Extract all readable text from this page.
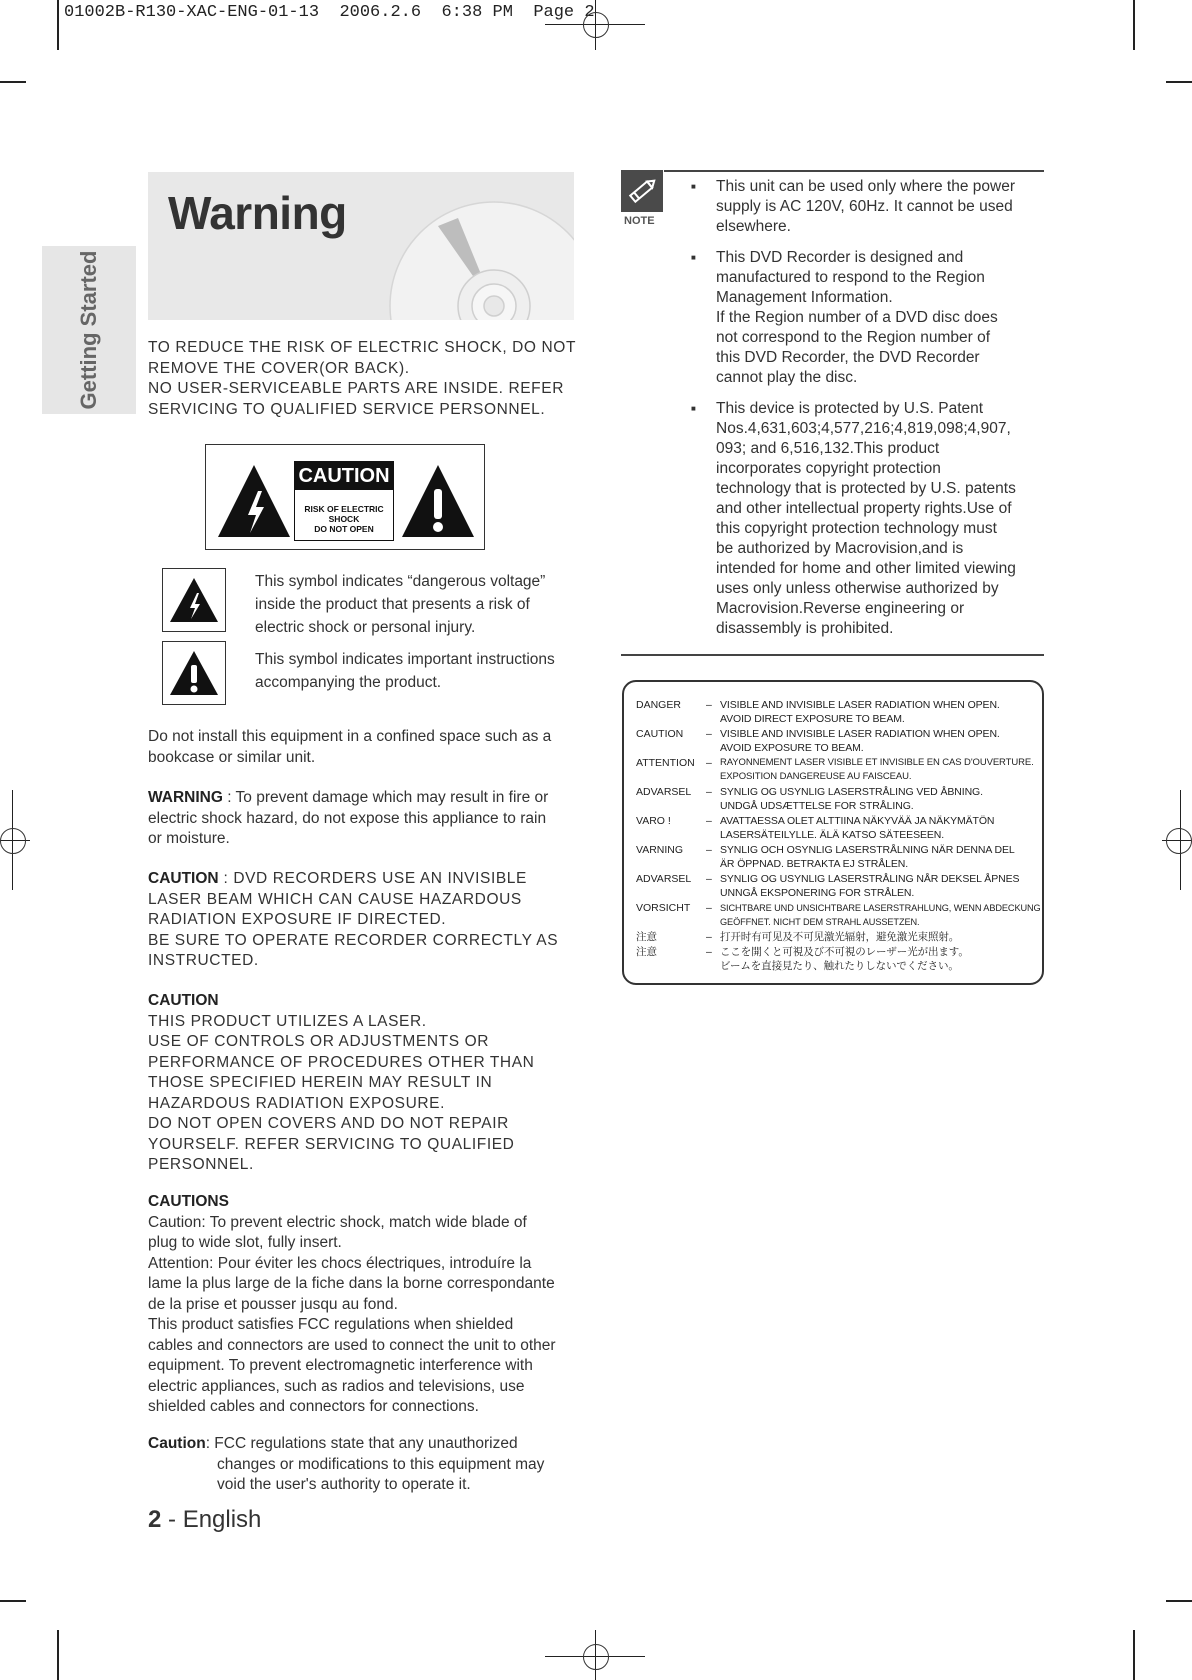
01002B-R130-XAC-ENG-01-13 2006.2.6 6:38 PM Page 2
Getting Started
Warning
TO REDUCE THE RISK OF ELECTRIC SHOCK, DO NOT
REMOVE THE COVER(OR BACK).
NO USER-SERVICEABLE PARTS ARE INSIDE. REFER
SERVICING TO QUALIFIED SERVICE PERSONNEL.
CAUTION
RISK OF ELECTRIC SHOCK
DO NOT OPEN
This symbol indicates “dangerous voltage”
inside the product that presents a risk of
electric shock or personal injury.
This symbol indicates important instructions
accompanying the product.
Do not install this equipment in a confined space such as a
bookcase or similar unit.
WARNING : To prevent damage which may result in fire or
electric shock hazard, do not expose this appliance to rain
or moisture.
CAUTION : DVD RECORDERS USE AN INVISIBLE
LASER BEAM WHICH CAN CAUSE HAZARDOUS
RADIATION EXPOSURE IF DIRECTED.
BE SURE TO OPERATE RECORDER CORRECTLY AS
INSTRUCTED.
CAUTION
THIS PRODUCT UTILIZES A LASER.
USE OF CONTROLS OR ADJUSTMENTS OR
PERFORMANCE OF PROCEDURES OTHER THAN
THOSE SPECIFIED HEREIN MAY RESULT IN
HAZARDOUS RADIATION EXPOSURE.
DO NOT OPEN COVERS AND DO NOT REPAIR
YOURSELF. REFER SERVICING TO QUALIFIED
PERSONNEL.
CAUTIONS
Caution: To prevent electric shock, match wide blade of
plug to wide slot, fully insert.
Attention: Pour éviter les chocs électriques, introduíre la
lame la plus large de la fiche dans la borne correspondante
de la prise et pousser jusqu au fond.
This product satisfies FCC regulations when shielded
cables and connectors are used to connect the unit to other
equipment. To prevent electromagnetic interference with
electric appliances, such as radios and televisions, use
shielded cables and connectors for connections.
Caution: FCC regulations state that any unauthorized
changes or modifications to this equipment may
void the user's authority to operate it.
2 - English
NOTE
■ This unit can be used only where the power
supply is AC 120V, 60Hz. It cannot be used
elsewhere.
■ This DVD Recorder is designed and
manufactured to respond to the Region
Management Information.
If the Region number of a DVD disc does
not correspond to the Region number of
this DVD Recorder, the DVD Recorder
cannot play the disc.
■ This device is protected by U.S. Patent
Nos.4,631,603;4,577,216;4,819,098;4,907,
093; and 6,516,132.This product
incorporates copyright protection
technology that is protected by U.S. patents
and other intellectual property rights.Use of
this copyright protection technology must
be authorized by Macrovision,and is
intended for home and other limited viewing
uses only unless otherwise authorized by
Macrovision.Reverse engineering or
disassembly is prohibited.
DANGER	– VISIBLE AND INVISIBLE LASER RADIATION WHEN OPEN.
AVOID DIRECT EXPOSURE TO BEAM.
CAUTION	– VISIBLE AND INVISIBLE LASER RADIATION WHEN OPEN.
AVOID EXPOSURE TO BEAM.
ATTENTION	– RAYONNEMENT LASER VISIBLE ET INVISIBLE EN CAS D'OUVERTURE.
EXPOSITION DANGEREUSE AU FAISCEAU.
ADVARSEL	– SYNLIG OG USYNLIG LASERSTRÅLING VED ÅBNING.
UNDGÅ UDSÆTTELSE FOR STRÅLING.
VARO !	– AVATTAESSA OLET ALTTIINA NÄKYVÄÄ JA NÄKYMÄTÖN
LASERSÄTEILYLLE. ÄLÄ KATSO SÄTEESEEN.
VARNING	– SYNLIG OCH OSYNLIG LASERSTRÅLNING NÄR DENNA DEL
ÄR ÖPPNAD. BETRAKTA EJ STRÅLEN.
ADVARSEL	– SYNLIG OG USYNLIG LASERSTRÅLING NÅR DEKSEL ÅPNES
UNNGÅ EKSPONERING FOR STRÅLEN.
VORSICHT	– SICHTBARE UND UNSICHTBARE LASERSTRAHLUNG, WENN ABDECKUNG
GEÖFFNET. NICHT DEM STRAHL AUSSETZEN.
注意	– 打开时有可见及不可见激光辐射，避免激光束照射。
注意	– ここを開くと可視及び不可視のレーザー光が出ます。
ビームを直接見たり、触れたりしないでください。
